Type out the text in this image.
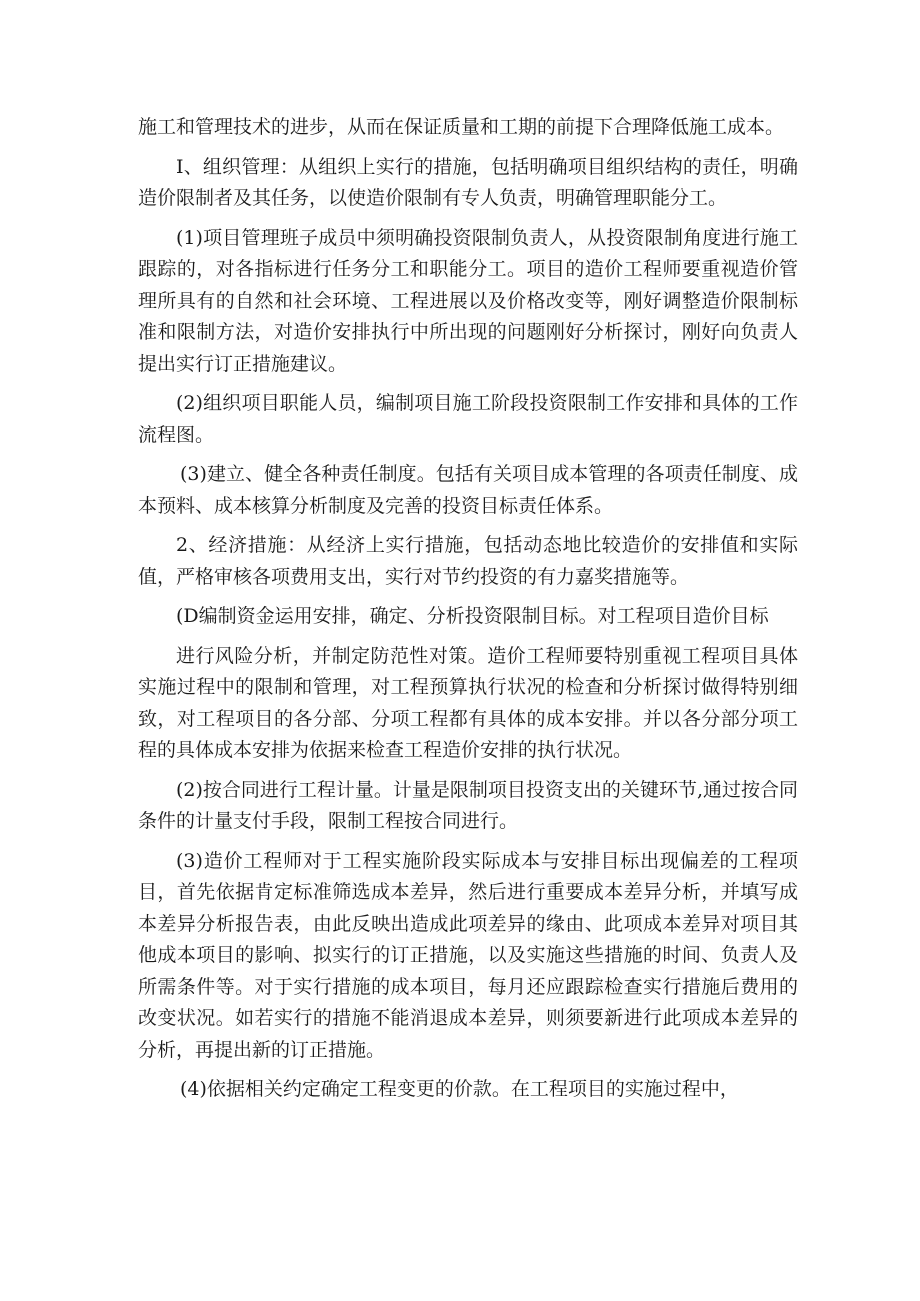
施工和管理技术的进步，从而在保证质量和工期的前提下合理降低施工成本。

I、组织管理：从组织上实行的措施，包括明确项目组织结构的责任，明确造价限制者及其任务，以使造价限制有专人负责，明确管理职能分工。

(1)项目管理班子成员中须明确投资限制负责人，从投资限制角度进行施工跟踪的，对各指标进行任务分工和职能分工。项目的造价工程师要重视造价管理所具有的自然和社会环境、工程进展以及价格改变等，刚好调整造价限制标准和限制方法，对造价安排执行中所出现的问题刚好分析探讨，刚好向负责人提出实行订正措施建议。

(2)组织项目职能人员，编制项目施工阶段投资限制工作安排和具体的工作流程图。

(3)建立、健全各种责任制度。包括有关项目成本管理的各项责任制度、成本预料、成本核算分析制度及完善的投资目标责任体系。

2、经济措施：从经济上实行措施，包括动态地比较造价的安排值和实际值，严格审核各项费用支出，实行对节约投资的有力嘉奖措施等。

(D编制资金运用安排，确定、分析投资限制目标。对工程项目造价目标

进行风险分析，并制定防范性对策。造价工程师要特别重视工程项目具体实施过程中的限制和管理，对工程预算执行状况的检查和分析探讨做得特别细致，对工程项目的各分部、分项工程都有具体的成本安排。并以各分部分项工程的具体成本安排为依据来检查工程造价安排的执行状况。

(2)按合同进行工程计量。计量是限制项目投资支出的关键环节,通过按合同条件的计量支付手段，限制工程按合同进行。

(3)造价工程师对于工程实施阶段实际成本与安排目标出现偏差的工程项目，首先依据肯定标准筛选成本差异，然后进行重要成本差异分析，并填写成本差异分析报告表，由此反映出造成此项差异的缘由、此项成本差异对项目其他成本项目的影响、拟实行的订正措施，以及实施这些措施的时间、负责人及所需条件等。对于实行措施的成本项目，每月还应跟踪检查实行措施后费用的改变状况。如若实行的措施不能消退成本差异，则须要新进行此项成本差异的分析，再提出新的订正措施。

(4)依据相关约定确定工程变更的价款。在工程项目的实施过程中，
